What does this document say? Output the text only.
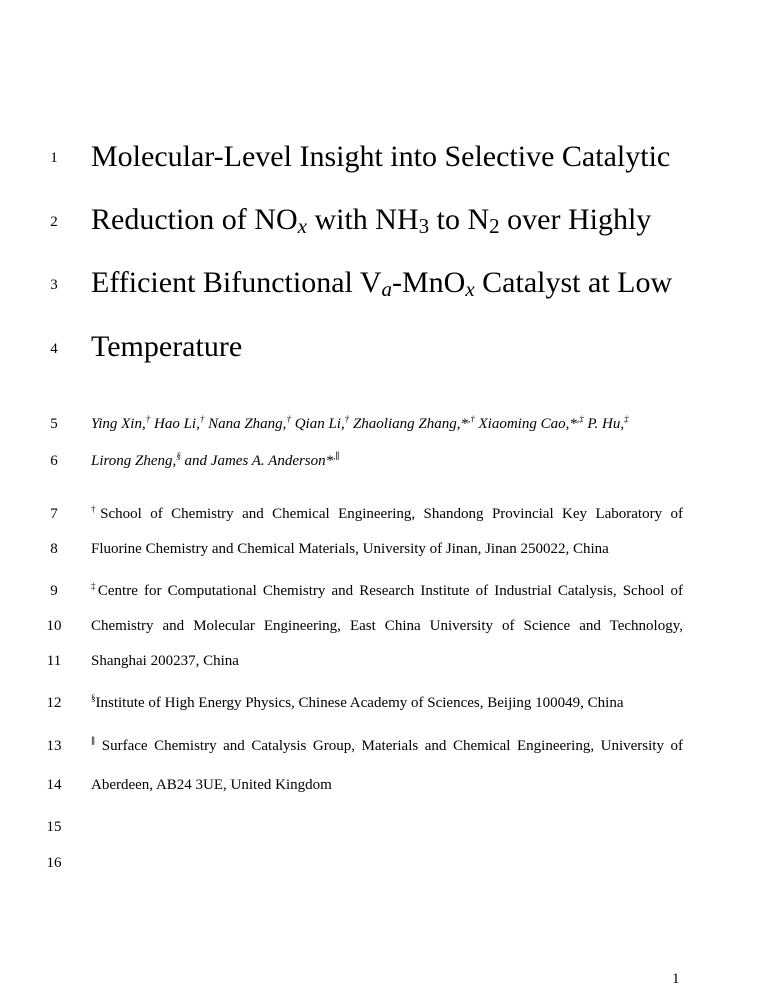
1
2
3
4
5
6
7
8
9
10
11
12
13
14
15
16
Molecular-Level Insight into Selective Catalytic
Reduction of $NO_x$ with $NH_3$ to $N_2$ over Highly
Efficient Bifunctional $V_a-MnO_x$ Catalyst at Low
Temperature
Ying Xin,† Hao Li,† Nana Zhang,† Qian Li,† Zhaoliang Zhang,*,† Xiaoming Cao,*,‡ P. Hu,‡
Lirong Zheng,§ and James A. Anderson*,∥
†School of Chemistry and Chemical Engineering, Shandong Provincial Key Laboratory of
Fluorine Chemistry and Chemical Materials, University of Jinan, Jinan 250022, China
‡Centre for Computational Chemistry and Research Institute of Industrial Catalysis, School of
Chemistry and Molecular Engineering, East China University of Science and Technology,
Shanghai 200237, China
§Institute of High Energy Physics, Chinese Academy of Sciences, Beijing 100049, China
∥ Surface Chemistry and Catalysis Group, Materials and Chemical Engineering, University of
Aberdeen, AB24 3UE, United Kingdom
1
